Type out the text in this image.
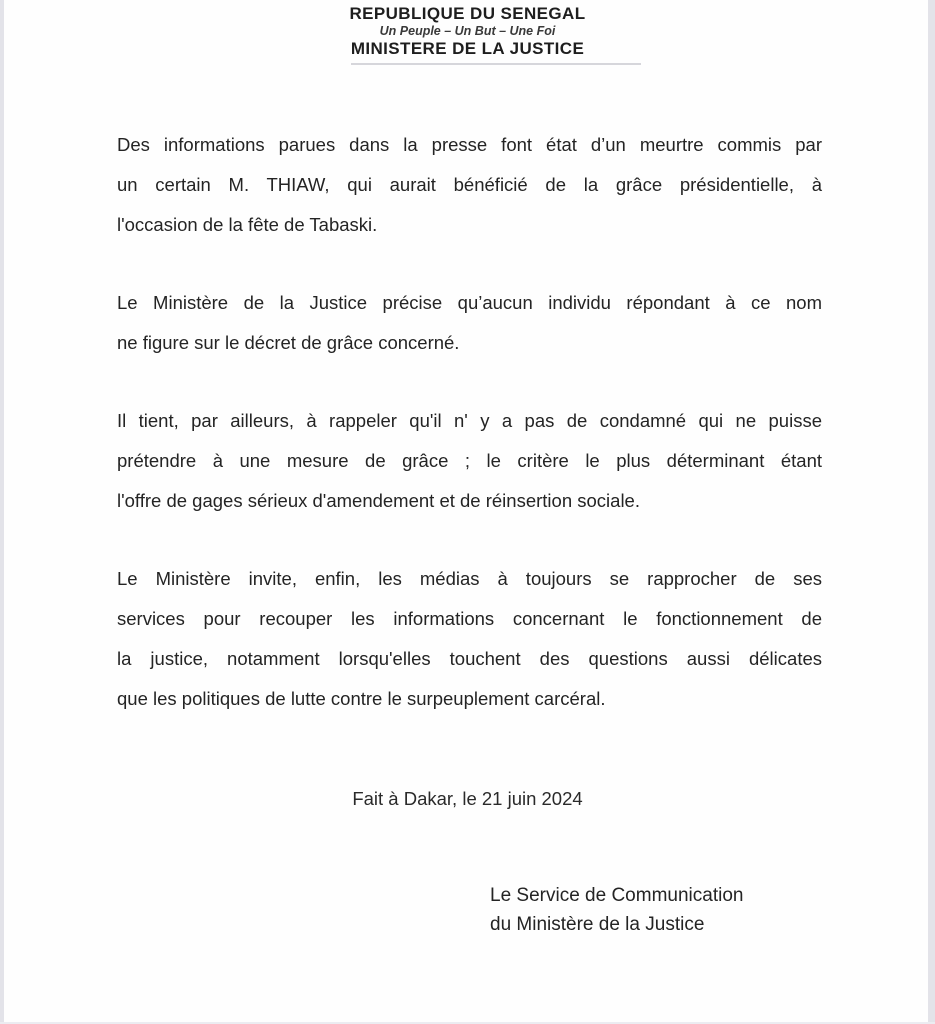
REPUBLIQUE DU SENEGAL
Un Peuple – Un But – Une Foi
MINISTERE DE LA JUSTICE
Des informations parues dans la presse font état d’un meurtre commis par
un certain M. THIAW, qui aurait bénéficié de la grâce présidentielle, à
l'occasion de la fête de Tabaski.
Le Ministère de la Justice précise qu’aucun individu répondant à ce nom
ne figure sur le décret de grâce concerné.
Il tient, par ailleurs, à rappeler qu'il n' y a pas de condamné qui ne puisse
prétendre à une mesure de grâce ; le critère le plus déterminant étant
l'offre de gages sérieux d'amendement et de réinsertion sociale.
Le Ministère invite, enfin, les médias à toujours se rapprocher de ses
services pour recouper les informations concernant le fonctionnement de
la justice, notamment lorsqu'elles touchent des questions aussi délicates
que les politiques de lutte contre le surpeuplement carcéral.
Fait à Dakar, le 21 juin 2024
Le Service de Communication
du Ministère de la Justice
